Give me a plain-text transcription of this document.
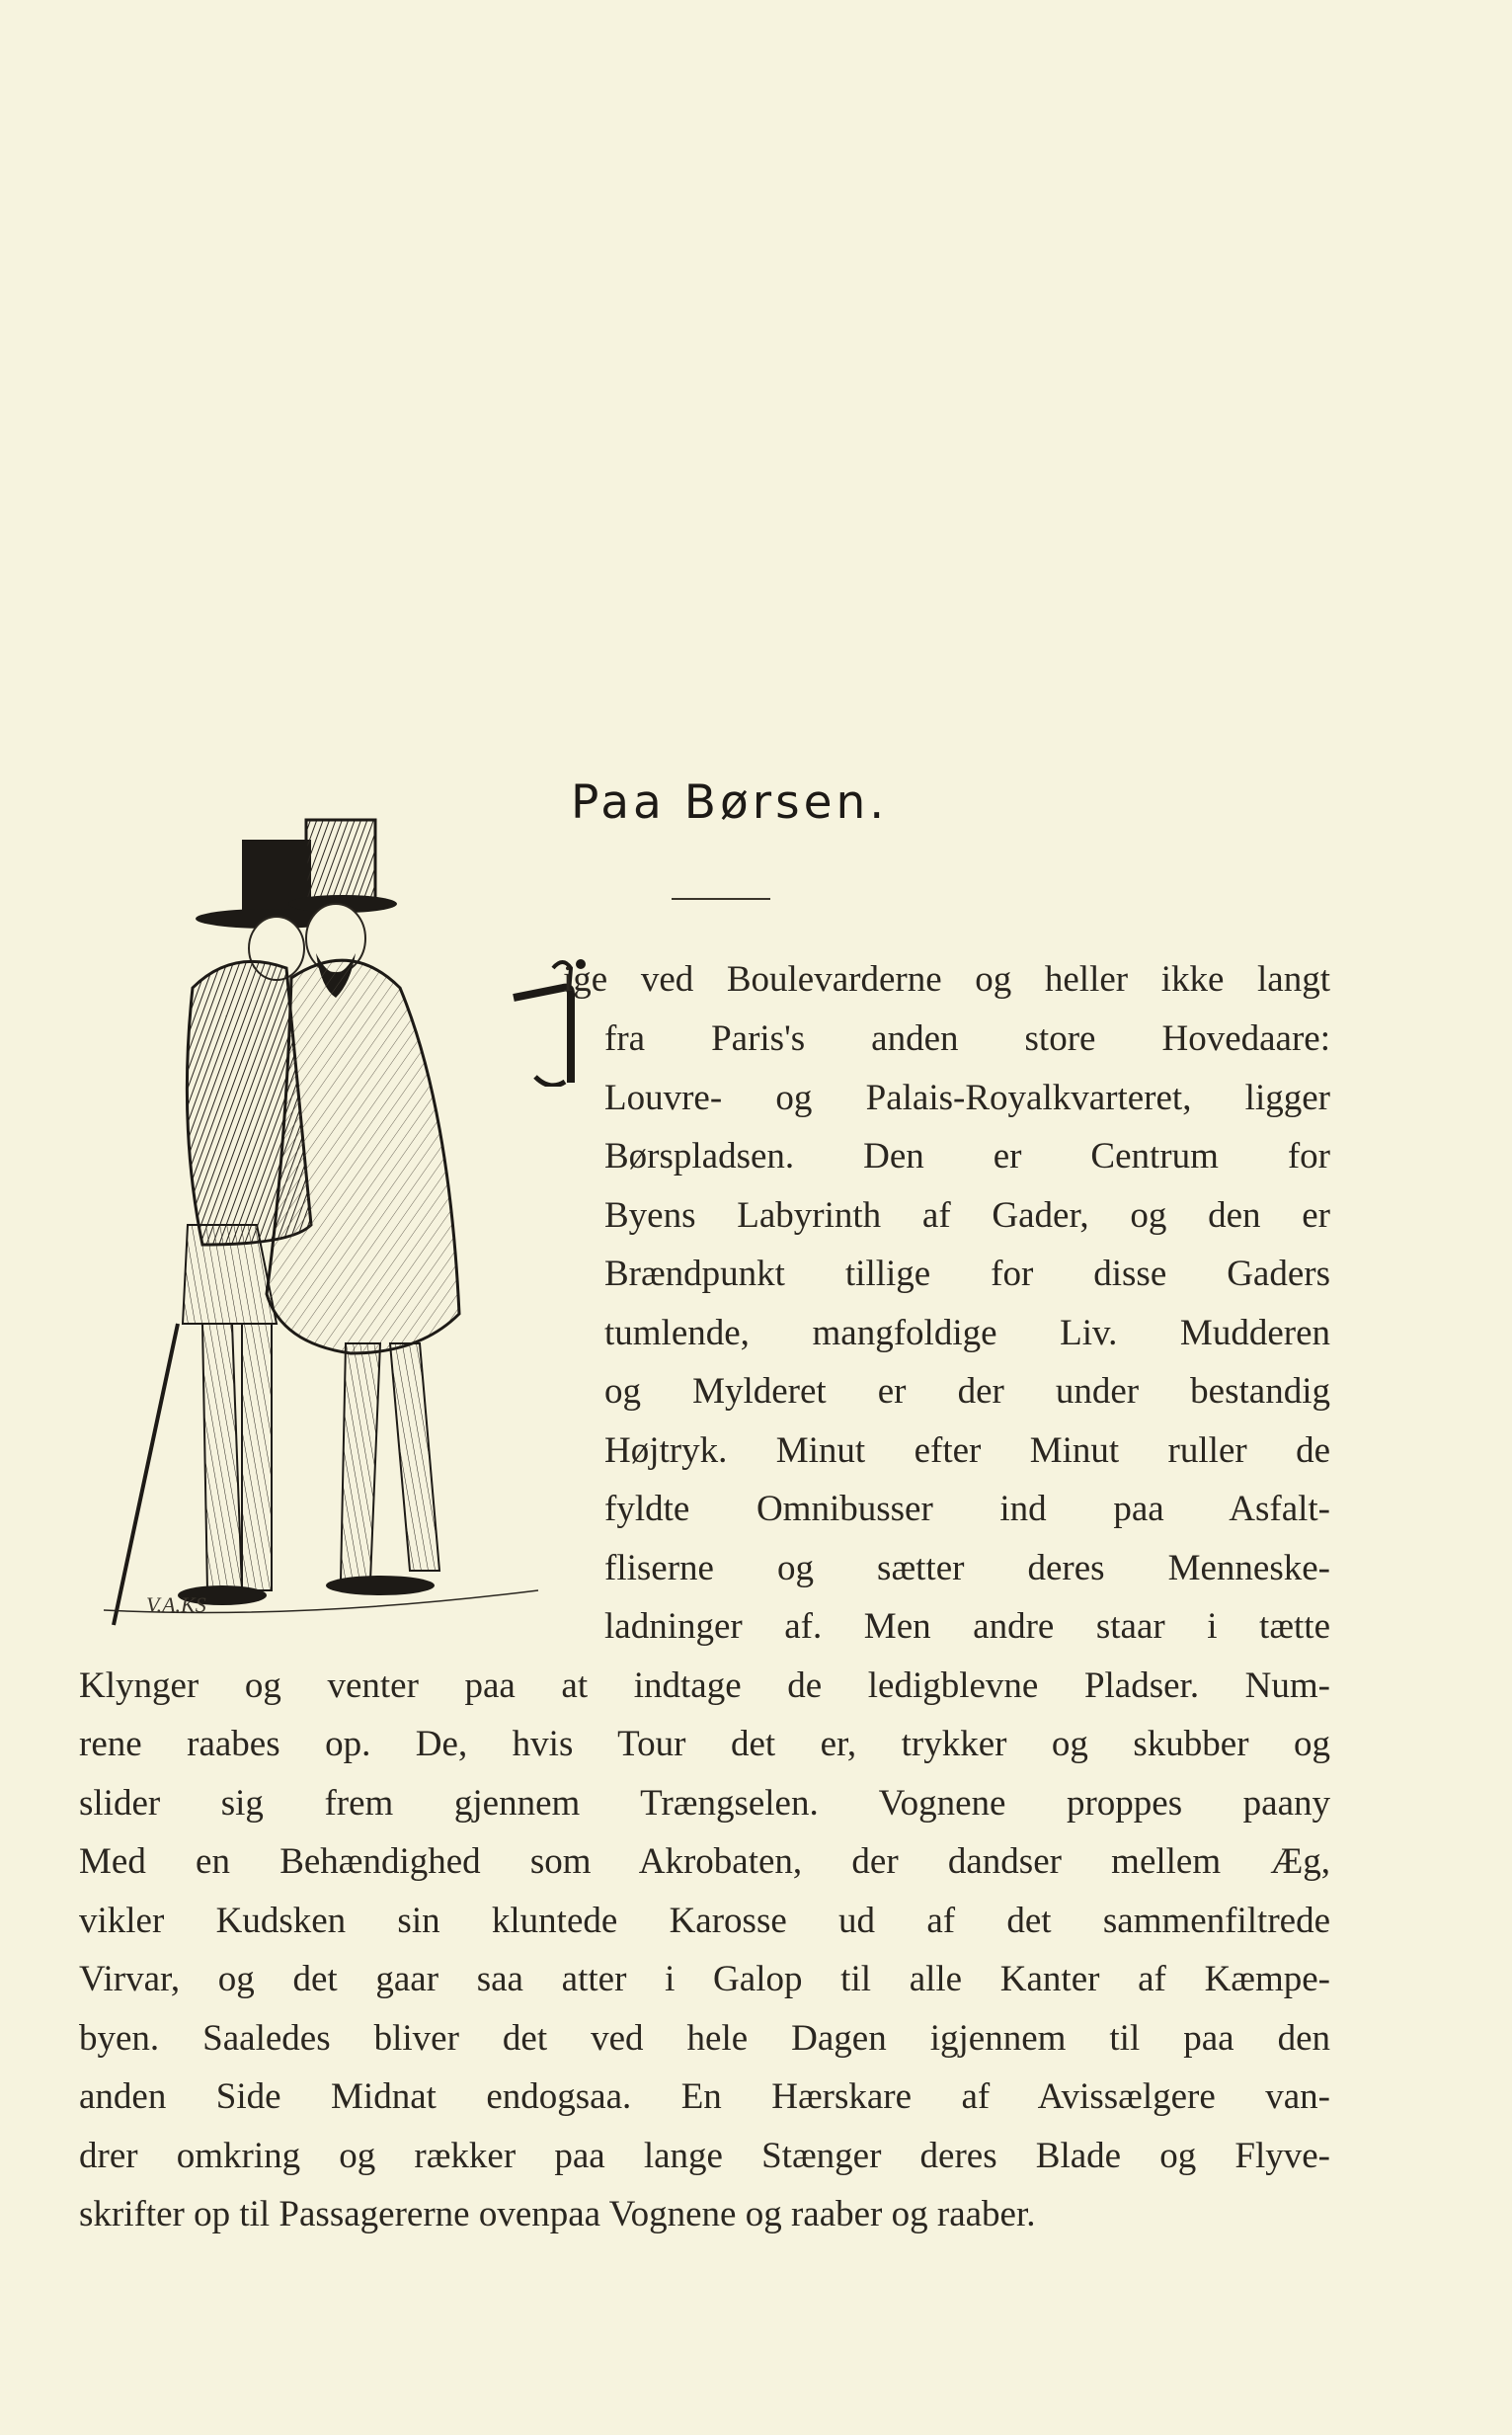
Paa Børsen.
V.A.KS
ige ved Boulevarderne og heller ikke langt
fra Paris's anden store Hovedaare:
Louvre- og Palais-Royalkvarteret, ligger
Børspladsen. Den er Centrum for
Byens Labyrinth af Gader, og den er
Brændpunkt tillige for disse Gaders
tumlende, mangfoldige Liv. Mudderen
og Mylderet er der under bestandig
Højtryk. Minut efter Minut ruller de
fyldte Omnibusser ind paa Asfalt-
fliserne og sætter deres Menneske-
ladninger af. Men andre staar i tætte
Klynger og venter paa at indtage de ledigblevne Pladser. Num-
rene raabes op. De, hvis Tour det er, trykker og skubber og
slider sig frem gjennem Trængselen. Vognene proppes paany
Med en Behændighed som Akrobaten, der dandser mellem Æg,
vikler Kudsken sin kluntede Karosse ud af det sammenfiltrede
Virvar, og det gaar saa atter i Galop til alle Kanter af Kæmpe-
byen. Saaledes bliver det ved hele Dagen igjennem til paa den
anden Side Midnat endogsaa. En Hærskare af Avissælgere van-
drer omkring og rækker paa lange Stænger deres Blade og Flyve-
skrifter op til Passagererne ovenpaa Vognene og raaber og raaber.
